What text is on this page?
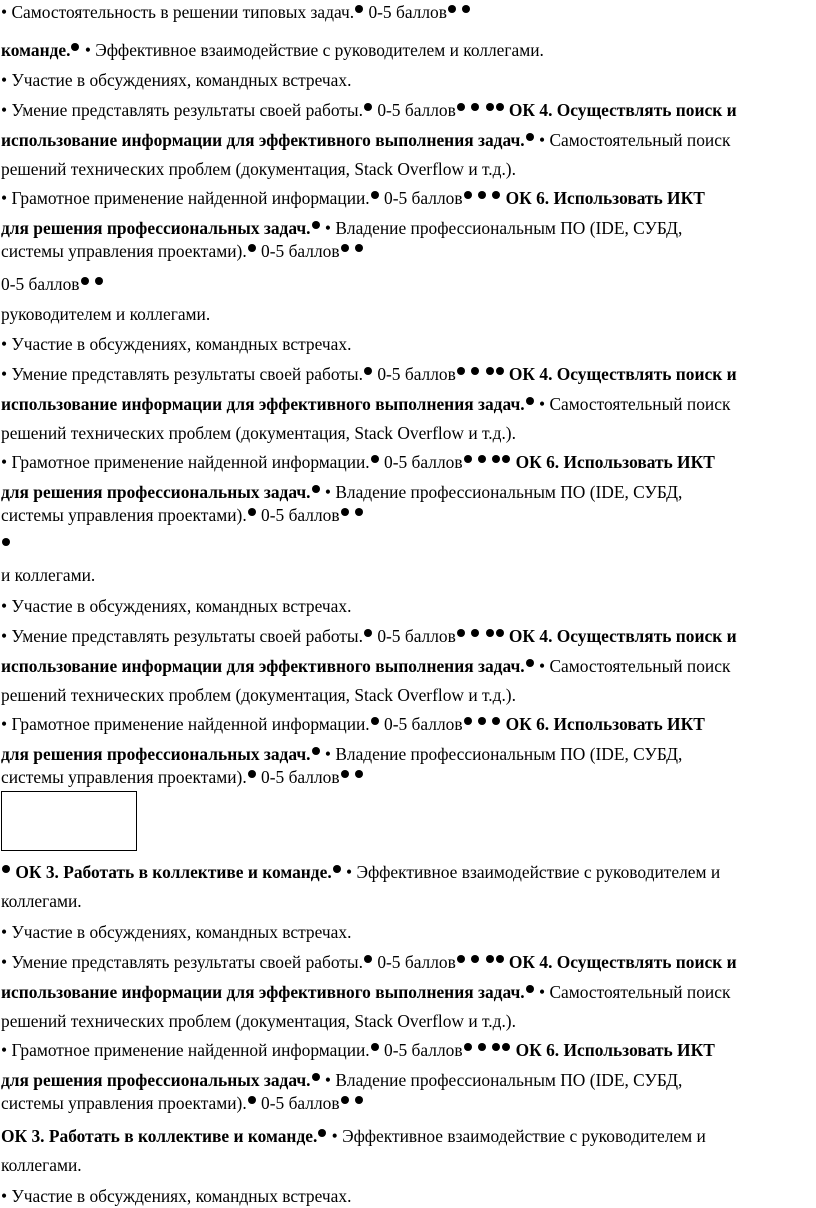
• Самостоятельность в решении типовых задач. 0-5 баллов
команде. • Эффективное взаимодействие с руководителем и коллегами.
• Участие в обсуждениях, командных встречах.
• Умение представлять результаты своей работы. 0-5 баллов	ОК 4. Осуществлять поиск и
использование информации для эффективного выполнения задач. • Самостоятельный поиск
решений технических проблем (документация, Stack Overflow и т.д.).
• Грамотное применение найденной информации. 0-5 баллов ОК 6. Использовать ИКТ
для решения профессиональных задач. • Владение профессиональным ПО (IDE, СУБД,
системы управления проектами). 0-5 баллов
0-5 баллов
руководителем и коллегами.
• Участие в обсуждениях, командных встречах.
• Умение представлять результаты своей работы. 0-5 баллов	ОК 4. Осуществлять поиск и
использование информации для эффективного выполнения задач. • Самостоятельный поиск
решений технических проблем (документация, Stack Overflow и т.д.).
• Грамотное применение найденной информации. 0-5 баллов	ОК 6. Использовать ИКТ
для решения профессиональных задач. • Владение профессиональным ПО (IDE, СУБД,
системы управления проектами). 0-5 баллов
и коллегами.
• Участие в обсуждениях, командных встречах.
• Умение представлять результаты своей работы. 0-5 баллов	ОК 4. Осуществлять поиск и
использование информации для эффективного выполнения задач. • Самостоятельный поиск
решений технических проблем (документация, Stack Overflow и т.д.).
• Грамотное применение найденной информации. 0-5 баллов ОК 6. Использовать ИКТ
для решения профессиональных задач. • Владение профессиональным ПО (IDE, СУБД,
системы управления проектами). 0-5 баллов
ОК 3. Работать в коллективе и команде. • Эффективное взаимодействие с руководителем и
коллегами.
• Участие в обсуждениях, командных встречах.
• Умение представлять результаты своей работы. 0-5 баллов	ОК 4. Осуществлять поиск и
использование информации для эффективного выполнения задач. • Самостоятельный поиск
решений технических проблем (документация, Stack Overflow и т.д.).
• Грамотное применение найденной информации. 0-5 баллов	ОК 6. Использовать ИКТ
для решения профессиональных задач. • Владение профессиональным ПО (IDE, СУБД,
системы управления проектами). 0-5 баллов
ОК 3. Работать в коллективе и команде. • Эффективное взаимодействие с руководителем и
коллегами.
• Участие в обсуждениях, командных встречах.
